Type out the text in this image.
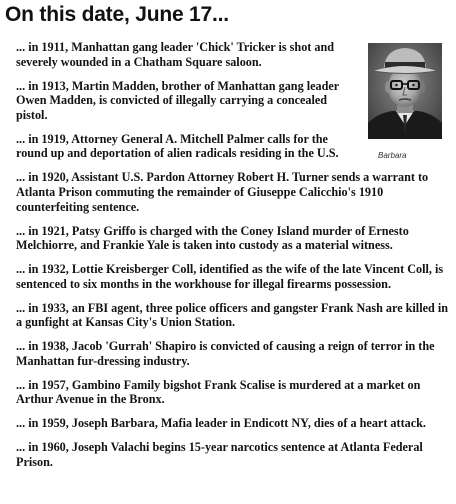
On this date, June 17...

... in 1911, Manhattan gang leader 'Chick' Tricker is shot and severely wounded in a Chatham Square saloon.

... in 1913, Martin Madden, brother of Manhattan gang leader Owen Madden, is convicted of illegally carrying a concealed pistol.

... in 1919, Attorney General A. Mitchell Palmer calls for the round up and deportation of alien radicals residing in the U.S.

... in 1920, Assistant U.S. Pardon Attorney Robert H. Turner sends a warrant to Atlanta Prison commuting the remainder of Giuseppe Calicchio's 1910 counterfeiting sentence.

... in 1921, Patsy Griffo is charged with the Coney Island murder of Ernesto Melchiorre, and Frankie Yale is taken into custody as a material witness.

... in 1932, Lottie Kreisberger Coll, identified as the wife of the late Vincent Coll, is sentenced to six months in the workhouse for illegal firearms possession.

... in 1933, an FBI agent, three police officers and gangster Frank Nash are killed in a gunfight at Kansas City's Union Station.

... in 1938, Jacob 'Gurrah' Shapiro is convicted of causing a reign of terror in the Manhattan fur-dressing industry.

... in 1957, Gambino Family bigshot Frank Scalise is murdered at a market on Arthur Avenue in the Bronx.

... in 1959, Joseph Barbara, Mafia leader in Endicott NY, dies of a heart attack.

... in 1960, Joseph Valachi begins 15-year narcotics sentence at Atlanta Federal Prison.

Barbara
